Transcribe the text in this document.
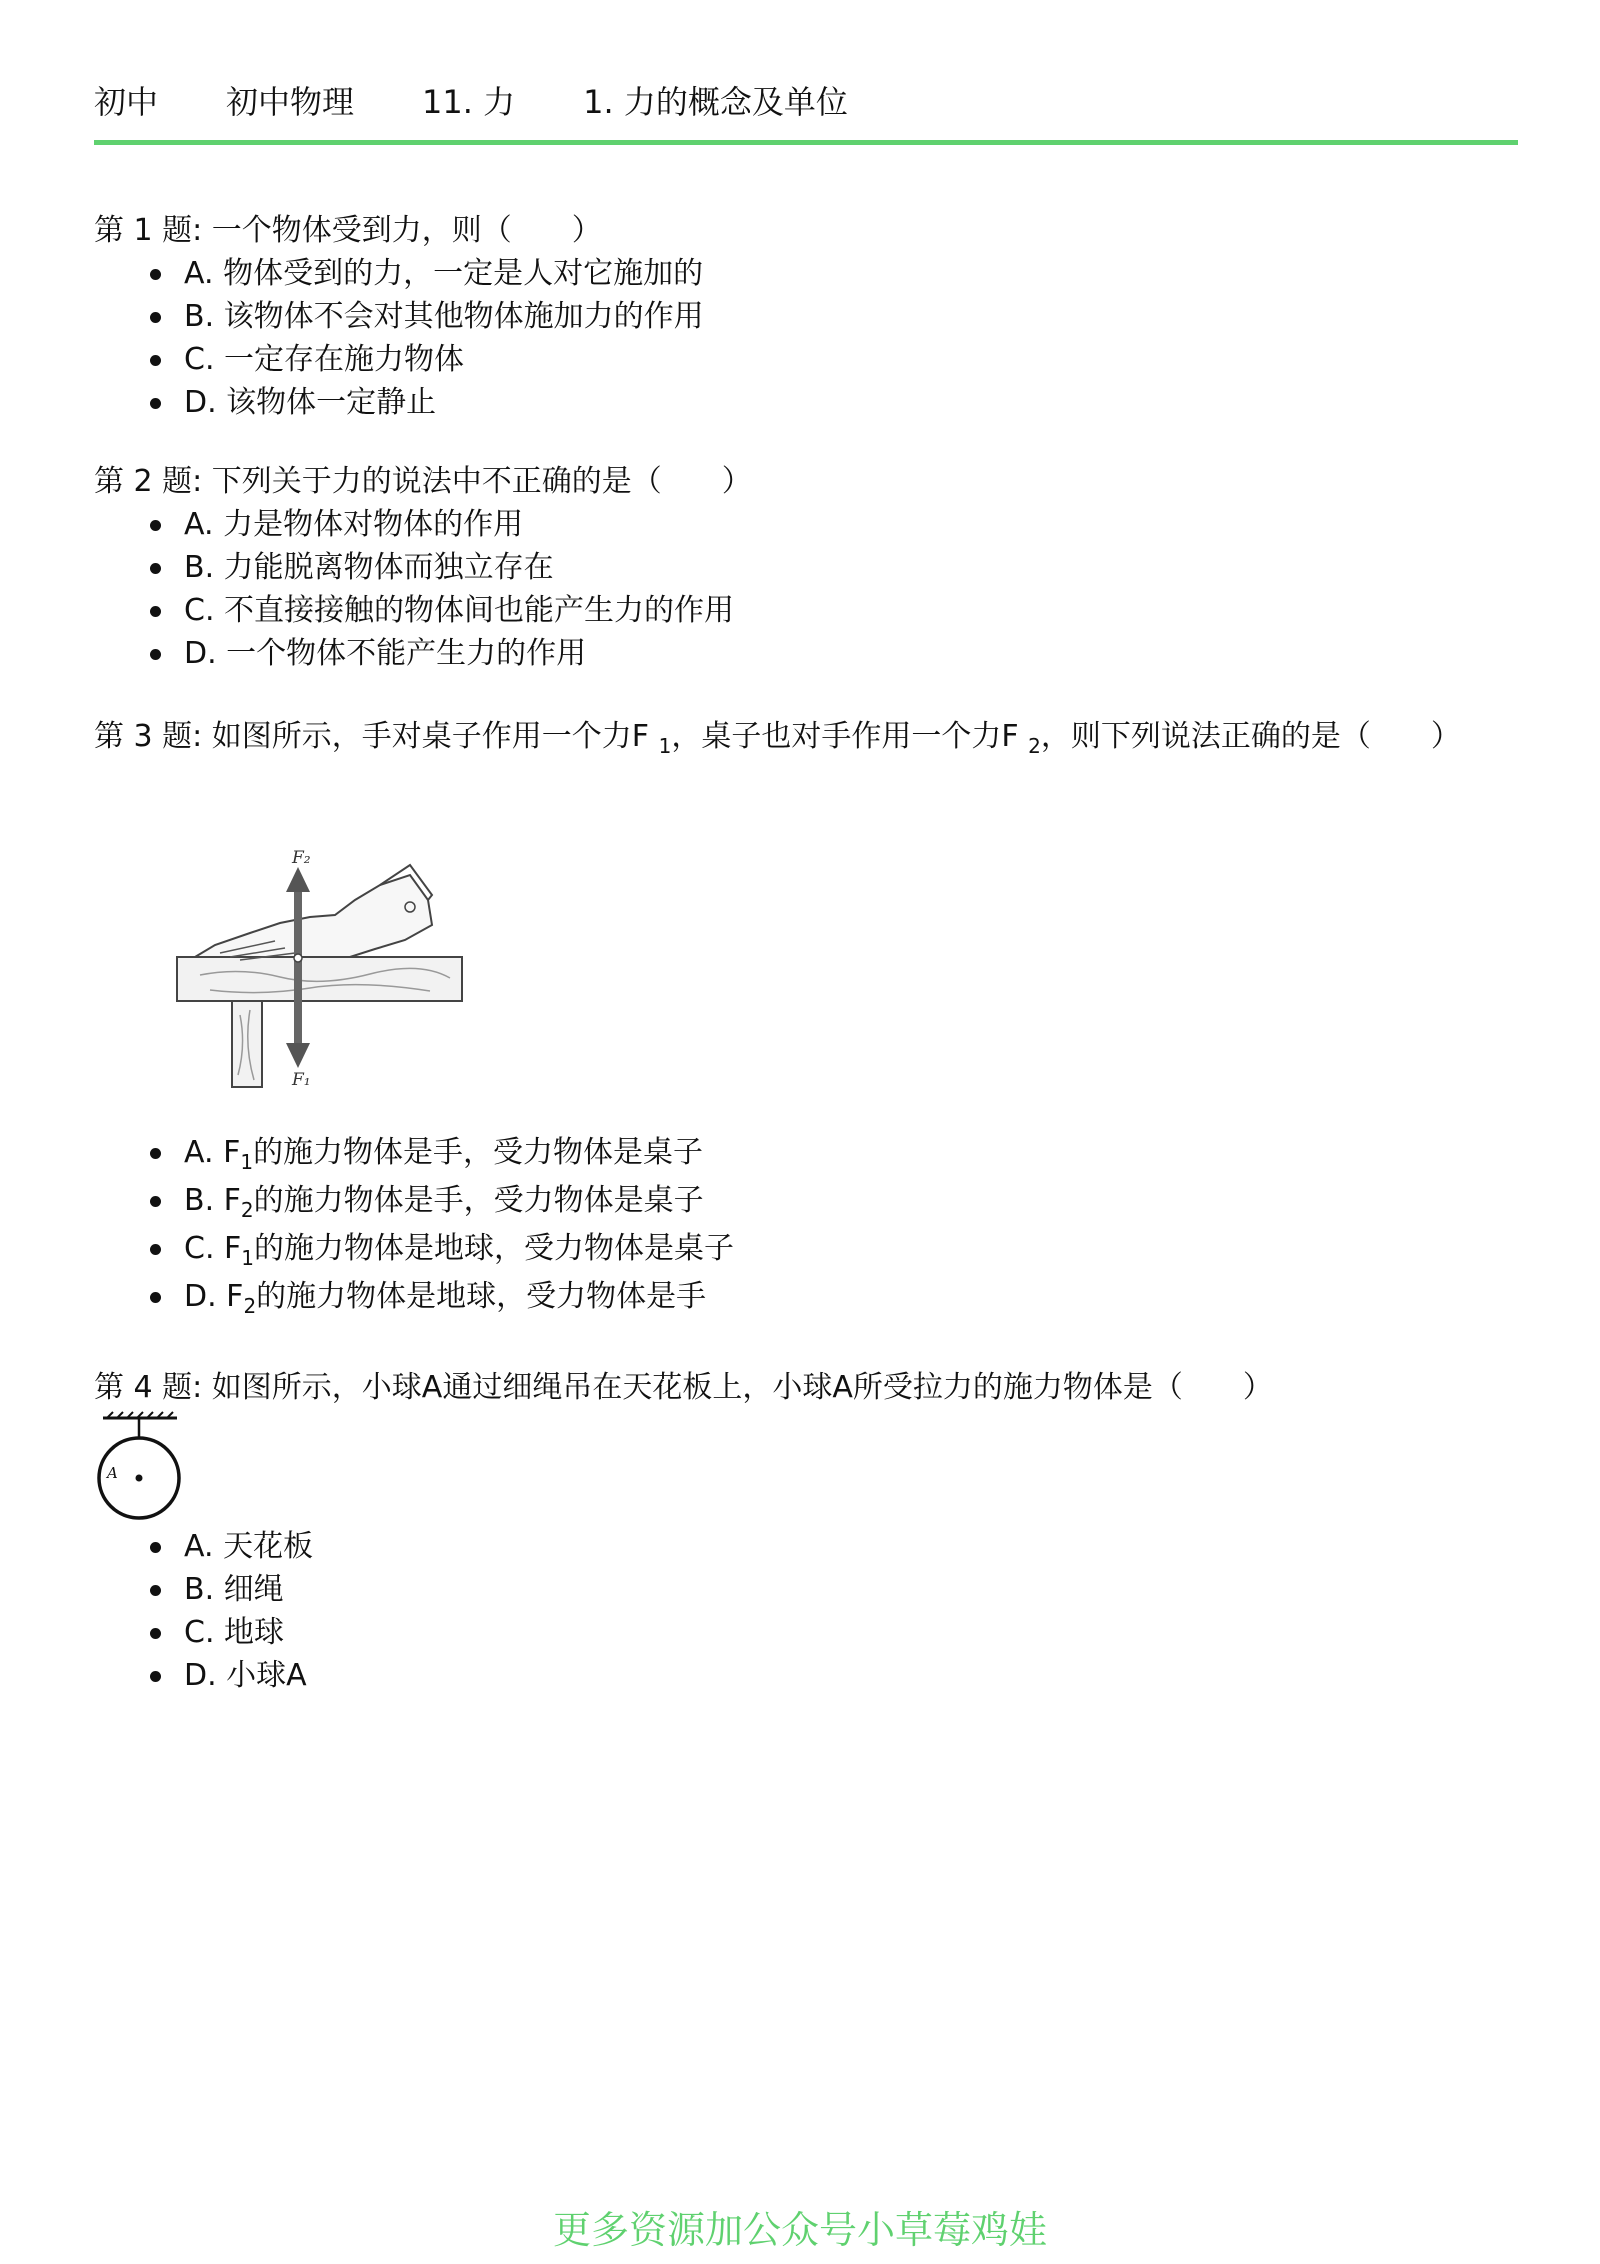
初中 初中物理 11. 力 1. 力的概念及单位
第 1 题: 一个物体受到力，则（　　）
A. 物体受到的力，一定是人对它施加的
B. 该物体不会对其他物体施加力的作用
C. 一定存在施力物体
D. 该物体一定静止
第 2 题: 下列关于力的说法中不正确的是（　　）
A. 力是物体对物体的作用
B. 力能脱离物体而独立存在
C. 不直接接触的物体间也能产生力的作用
D. 一个物体不能产生力的作用
第 3 题: 如图所示，手对桌子作用一个力F $_1$，桌子也对手作用一个力F $_2$，则下列说法正确的是（　　）
F₂
F₁
A. $F_1$的施力物体是手，受力物体是桌子
B. $F_2$的施力物体是手，受力物体是桌子
C. $F_1$的施力物体是地球，受力物体是桌子
D. $F_2$的施力物体是地球，受力物体是手
第 4 题: 如图所示，小球A通过细绳吊在天花板上，小球A所受拉力的施力物体是（　　）
A
A. 天花板
B. 细绳
C. 地球
D. 小球A
更多资源加公众号小草莓鸡娃
